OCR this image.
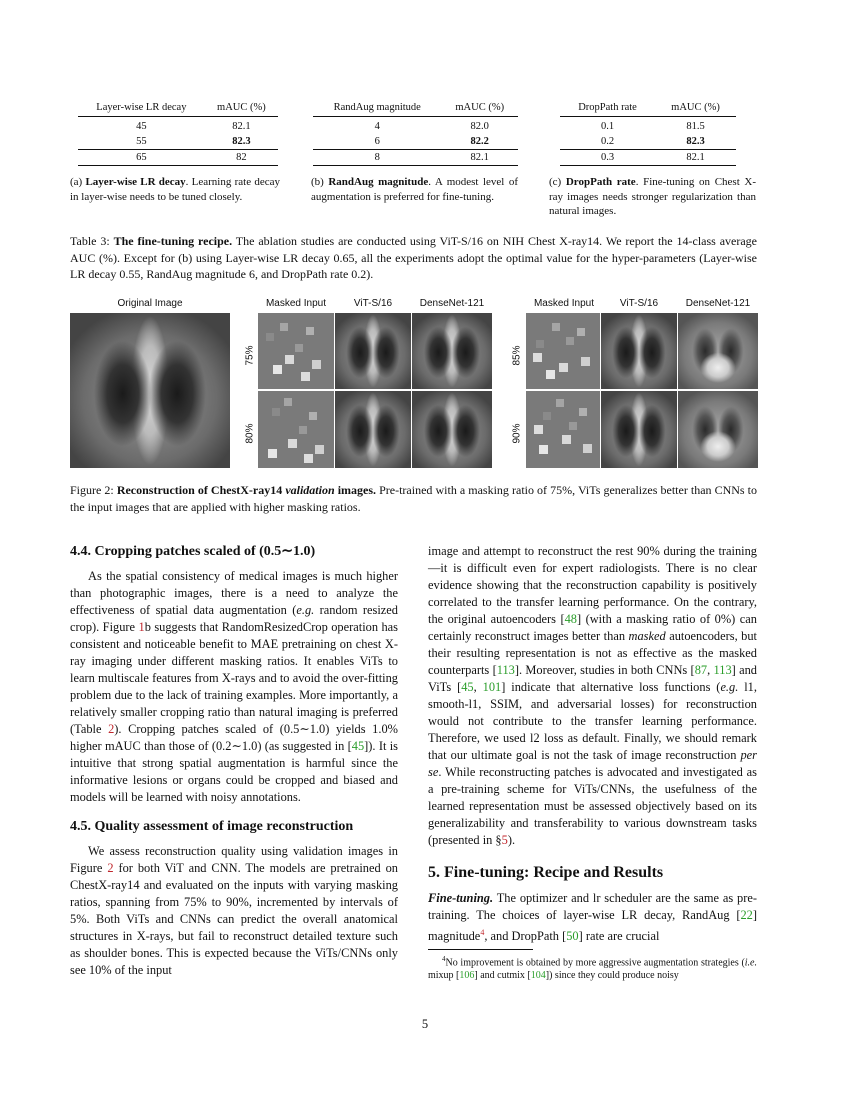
Layer-wise LR decay	mAUC (%)
45	82.1
55	82.3
65	82
RandAug magnitude	mAUC (%)
4	82.0
6	82.2
8	82.1
DropPath rate	mAUC (%)
0.1	81.5
0.2	82.3
0.3	82.1
(a) Layer-wise LR decay. Learning rate decay in layer-wise needs to be tuned closely.
(b) RandAug magnitude. A modest level of augmentation is preferred for fine-tuning.
(c) DropPath rate. Fine-tuning on Chest X-ray images needs stronger regularization than natural images.
Table 3: The fine-tuning recipe. The ablation studies are conducted using ViT-S/16 on NIH Chest X-ray14. We report the 14-class average AUC (%). Except for (b) using Layer-wise LR decay 0.65, all the experiments adopt the optimal value for the hyper-parameters (Layer-wise LR decay 0.55, RandAug magnitude 6, and DropPath rate 0.2).
Original Image	Masked Input	ViT-S/16	DenseNet-121
75%
80%
Masked Input	ViT-S/16	DenseNet-121
85%
90%
Figure 2: Reconstruction of ChestX-ray14 validation images. Pre-trained with a masking ratio of 75%, ViTs generalizes better than CNNs to the input images that are applied with higher masking ratios.
4.4. Cropping patches scaled of (0.5∼1.0)

As the spatial consistency of medical images is much higher than photographic images, there is a need to analyze the effectiveness of spatial data augmentation (e.g. random resized crop). Figure 1b suggests that RandomResizedCrop operation has consistent and noticeable benefit to MAE pretraining on chest X-ray imaging under different masking ratios. It enables ViTs to learn multiscale features from X-rays and to avoid the over-fitting problem due to the lack of training examples. More importantly, a relatively smaller cropping ratio than natural imaging is preferred (Table 2). Cropping patches scaled of (0.5∼1.0) yields 1.0% higher mAUC than those of (0.2∼1.0) (as suggested in [45]). It is intuitive that strong spatial augmentation is harmful since the informative lesions or organs could be cropped and biased and models will be learned with noisy annotations.

4.5. Quality assessment of image reconstruction

We assess reconstruction quality using validation images in Figure 2 for both ViT and CNN. The models are pretrained on ChestX-ray14 and evaluated on the inputs with varying masking ratios, spanning from 75% to 90%, incremented by intervals of 5%. Both ViTs and CNNs can predict the overall anatomical structures in X-rays, but fail to reconstruct detailed texture such as shoulder bones. This is expected because the ViTs/CNNs only see 10% of the input

image and attempt to reconstruct the rest 90% during the training—it is difficult even for expert radiologists. There is no clear evidence showing that the reconstruction capability is positively correlated to the transfer learning performance. On the contrary, the original autoencoders [48] (with a masking ratio of 0%) can certainly reconstruct images better than masked autoencoders, but their resulting representation is not as effective as the masked counterparts [113]. Moreover, studies in both CNNs [87, 113] and ViTs [45, 101] indicate that alternative loss functions (e.g. l1, smooth-l1, SSIM, and adversarial losses) for reconstruction would not contribute to the transfer learning performance. Therefore, we used l2 loss as default. Finally, we should remark that our ultimate goal is not the task of image reconstruction per se. While reconstructing patches is advocated and investigated as a pre-training scheme for ViTs/CNNs, the usefulness of the learned representation must be assessed objectively based on its generalizability and transferability to various downstream tasks (presented in §5).

5. Fine-tuning: Recipe and Results

Fine-tuning. The optimizer and lr scheduler are the same as pre-training. The choices of layer-wise LR decay, RandAug [22] magnitude$^4$, and DropPath [50] rate are crucial

$^4$No improvement is obtained by more aggressive augmentation strategies (i.e. mixup [106] and cutmix [104]) since they could produce noisy
5
